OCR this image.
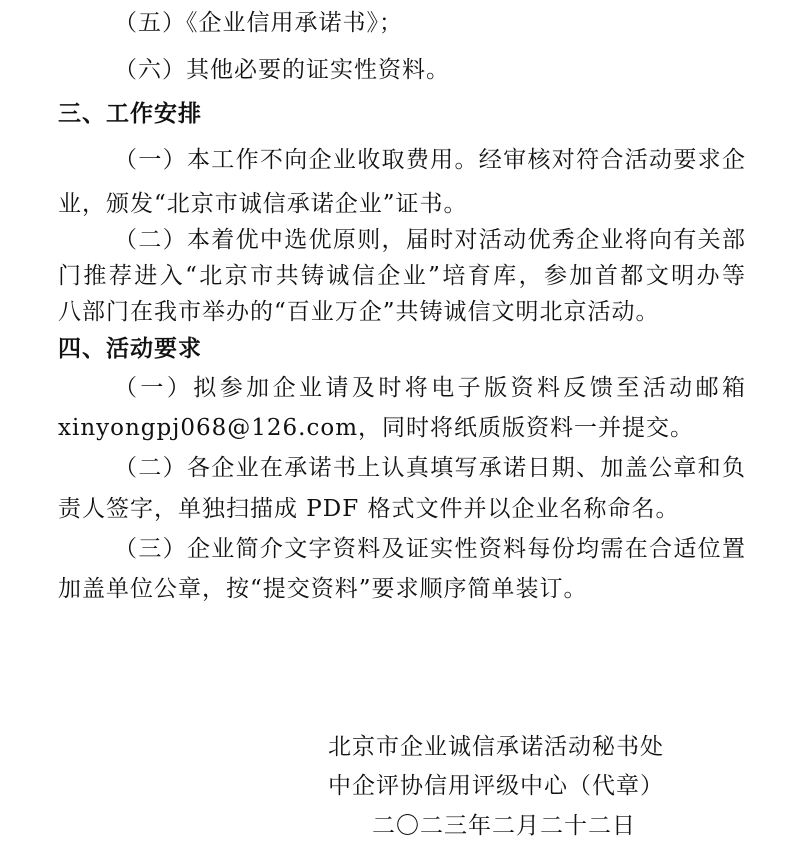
（五）《企业信用承诺书》；
（六）其他必要的证实性资料。
三、工作安排
（一）本工作不向企业收取费用。经审核对符合活动要求企
业，颁发“北京市诚信承诺企业”证书。
（二）本着优中选优原则，届时对活动优秀企业将向有关部
门推荐进入“北京市共铸诚信企业”培育库，参加首都文明办等
八部门在我市举办的“百业万企”共铸诚信文明北京活动。
四、活动要求
（一）拟参加企业请及时将电子版资料反馈至活动邮箱
xinyongpj068@126.com，同时将纸质版资料一并提交。
（二）各企业在承诺书上认真填写承诺日期、加盖公章和负
责人签字，单独扫描成 PDF 格式文件并以企业名称命名。
（三）企业简介文字资料及证实性资料每份均需在合适位置
加盖单位公章，按“提交资料”要求顺序简单装订。
北京市企业诚信承诺活动秘书处
中企评协信用评级中心（代章）
二〇二三年二月二十二日
